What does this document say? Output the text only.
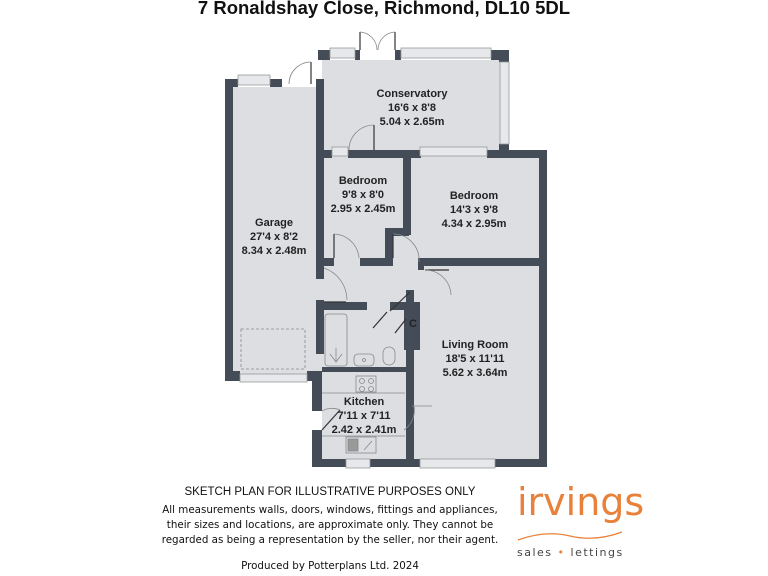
7 Ronaldshay Close, Richmond, DL10 5DL
Conservatory
16'6 x 8'8
5.04 x 2.65m
Bedroom
9'8 x 8'0
2.95 x 2.45m
Bedroom
14'3 x 9'8
4.34 x 2.95m
Garage
27'4 x 8'2
8.34 x 2.48m
Living Room
18'5 x 11'11
5.62 x 3.64m
Kitchen
7'11 x 7'11
2.42 x 2.41m
C
SKETCH PLAN FOR ILLUSTRATIVE PURPOSES ONLY
All measurements walls, doors, windows, fittings and appliances, their sizes and locations, are approximate only. They cannot be regarded as being a representation by the seller, nor their agent.
Produced by Potterplans Ltd. 2024
irvings
sales • lettings
